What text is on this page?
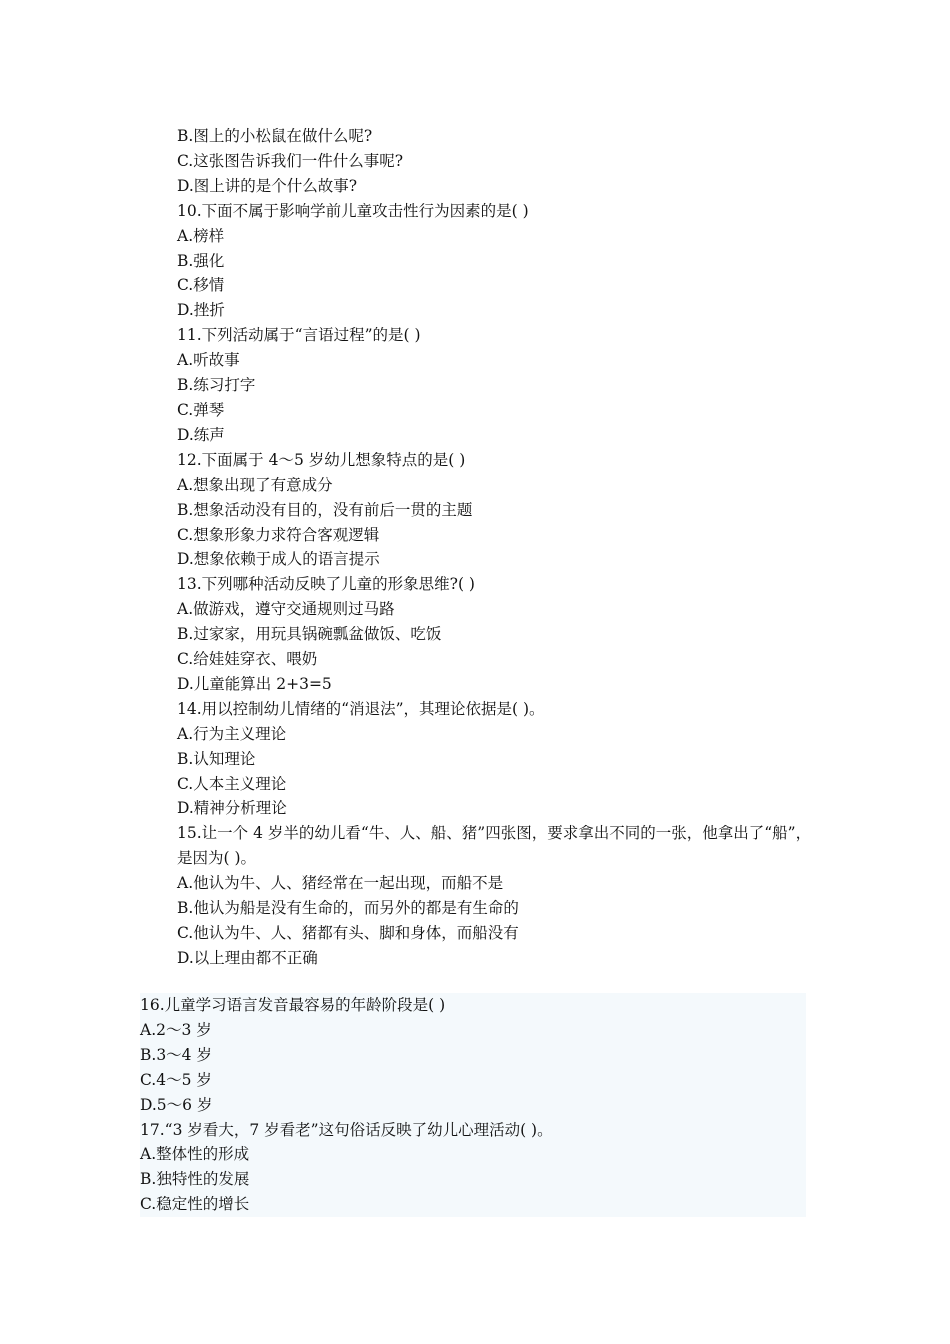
B.图上的小松鼠在做什么呢?
C.这张图告诉我们一件什么事呢?
D.图上讲的是个什么故事?
10.下面不属于影响学前儿童攻击性行为因素的是( )
A.榜样
B.强化
C.移情
D.挫折
11.下列活动属于“言语过程”的是( )
A.听故事
B.练习打字
C.弹琴
D.练声
12.下面属于 4～5 岁幼儿想象特点的是( )
A.想象出现了有意成分
B.想象活动没有目的，没有前后一贯的主题
C.想象形象力求符合客观逻辑
D.想象依赖于成人的语言提示
13.下列哪种活动反映了儿童的形象思维?( )
A.做游戏，遵守交通规则过马路
B.过家家，用玩具锅碗瓢盆做饭、吃饭
C.给娃娃穿衣、喂奶
D.儿童能算出 2+3=5
14.用以控制幼儿情绪的“消退法”，其理论依据是( )。
A.行为主义理论
B.认知理论
C.人本主义理论
D.精神分析理论
15.让一个 4 岁半的幼儿看“牛、人、船、猪”四张图，要求拿出不同的一张，他拿出了“船”，是因为( )。
A.他认为牛、人、猪经常在一起出现，而船不是
B.他认为船是没有生命的，而另外的都是有生命的
C.他认为牛、人、猪都有头、脚和身体，而船没有
D.以上理由都不正确
16.儿童学习语言发音最容易的年龄阶段是( )
A.2～3 岁
B.3～4 岁
C.4～5 岁
D.5～6 岁
17.“3 岁看大，7 岁看老”这句俗话反映了幼儿心理活动( )。
A.整体性的形成
B.独特性的发展
C.稳定性的增长
